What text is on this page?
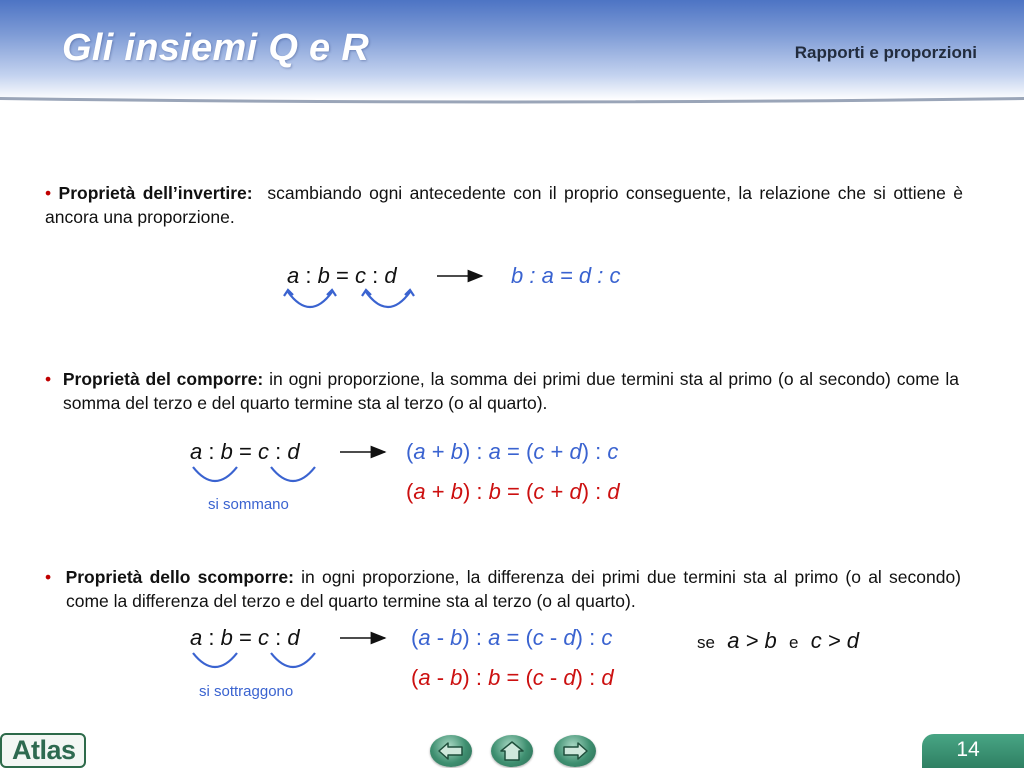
Gli insiemi Q e R	Rapporti e proporzioni
• Proprietà dell’invertire: scambiando ogni antecedente con il proprio conseguente, la relazione che si ottiene è ancora una proporzione.
a : b = c : d	b : a = d : c
• Proprietà del comporre: in ogni proporzione, la somma dei primi due termini sta al primo (o al secondo) come la somma del terzo e del quarto termine sta al terzo (o al quarto).
a : b = c : d	(a + b) : a = (c + d) : c
(a + b) : b = (c + d) : d
si sommano
• Proprietà dello scomporre: in ogni proporzione, la differenza dei primi due termini sta al primo (o al secondo) come la differenza del terzo e del quarto termine sta al terzo (o al quarto).
a : b = c : d	(a - b) : a = (c - d) : c
(a - b) : b = (c - d) : d
se a > b e c > d
si sottraggono
Atlas	14
